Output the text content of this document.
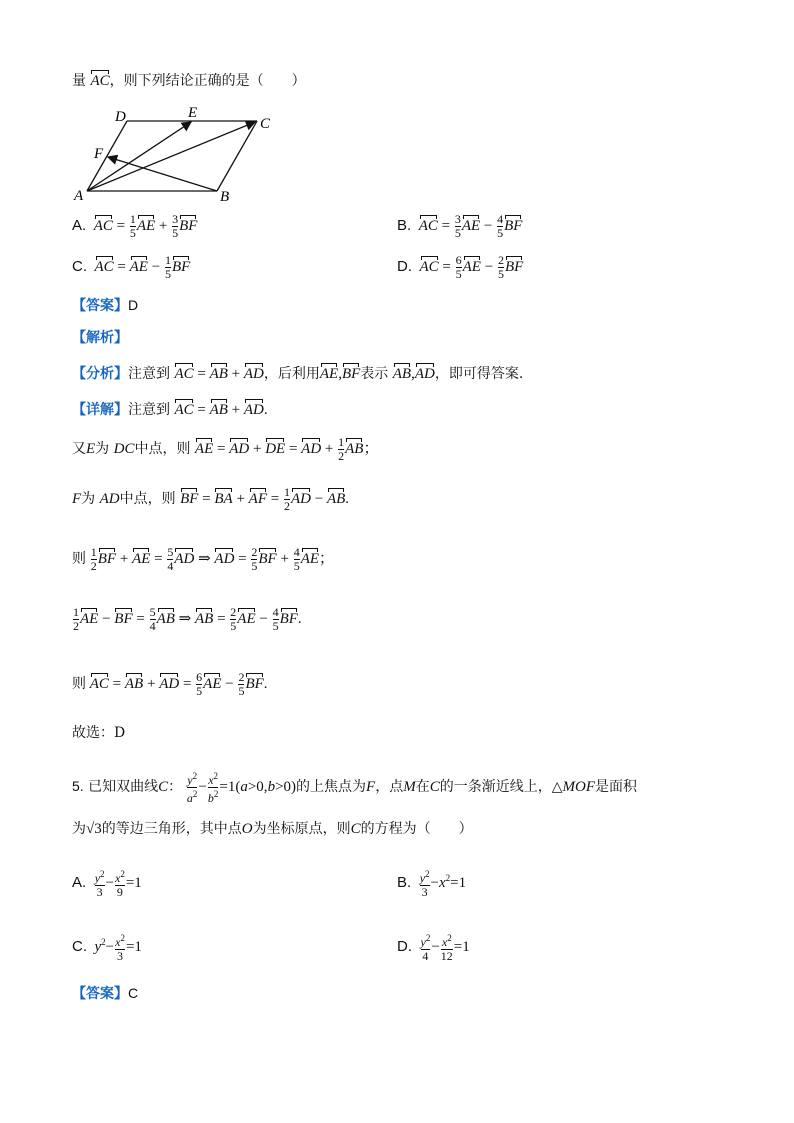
量 AC，则下列结论正确的是（　　）
A	B
C
D	E
F
A. AC = $\frac{1}{5}$ AE + $\frac{3}{5}$ BF	B. AC = $\frac{3}{5}$ AE − $\frac{4}{5}$ BF
C. AC = AE − $\frac{1}{5}$ BF	D. AC = $\frac{6}{5}$ AE − $\frac{2}{5}$ BF
【答案】D
【解析】
【分析】注意到 AC = AB + AD，后利用AE,BF表示 AB,AD，即可得答案.
【详解】注意到 AC = AB + AD.
又E为 DC中点，则 AE = AD + DE = AD + $\frac{1}{2}$ AB；
F为 AD中点，则 BF = BA + AF = $\frac{1}{2}$ AD − AB.
则 $\frac{1}{2}$ BF + AE = $\frac{5}{4}$ AD ⇒ AD = $\frac{2}{5}$ BF + $\frac{4}{5}$ AE；
$\frac{1}{2}$ AE − BF = $\frac{5}{4}$ AB ⇒ AB = $\frac{2}{5}$ AE − $\frac{4}{5}$ BF.
则 AC = AB + AD = $\frac{6}{5}$ AE − $\frac{2}{5}$ BF.
故选：D
5. 已知双曲线C： $\frac{y^2}{a^2} - \frac{x^2}{b^2} =1(a>0,b>0)$的上焦点为F，点M在C的一条渐近线上，△MOF是面积
为√3的等边三角形，其中点O为坐标原点，则C的方程为（　　）
A. $\frac{y^2}{3} - \frac{x^2}{9} =1$	B. $\frac{y^2}{3} -x^2=1$
C. $y^2- \frac{x^2}{3} =1$	D. $\frac{y^2}{4} - \frac{x^2}{12} =1$
【答案】C
